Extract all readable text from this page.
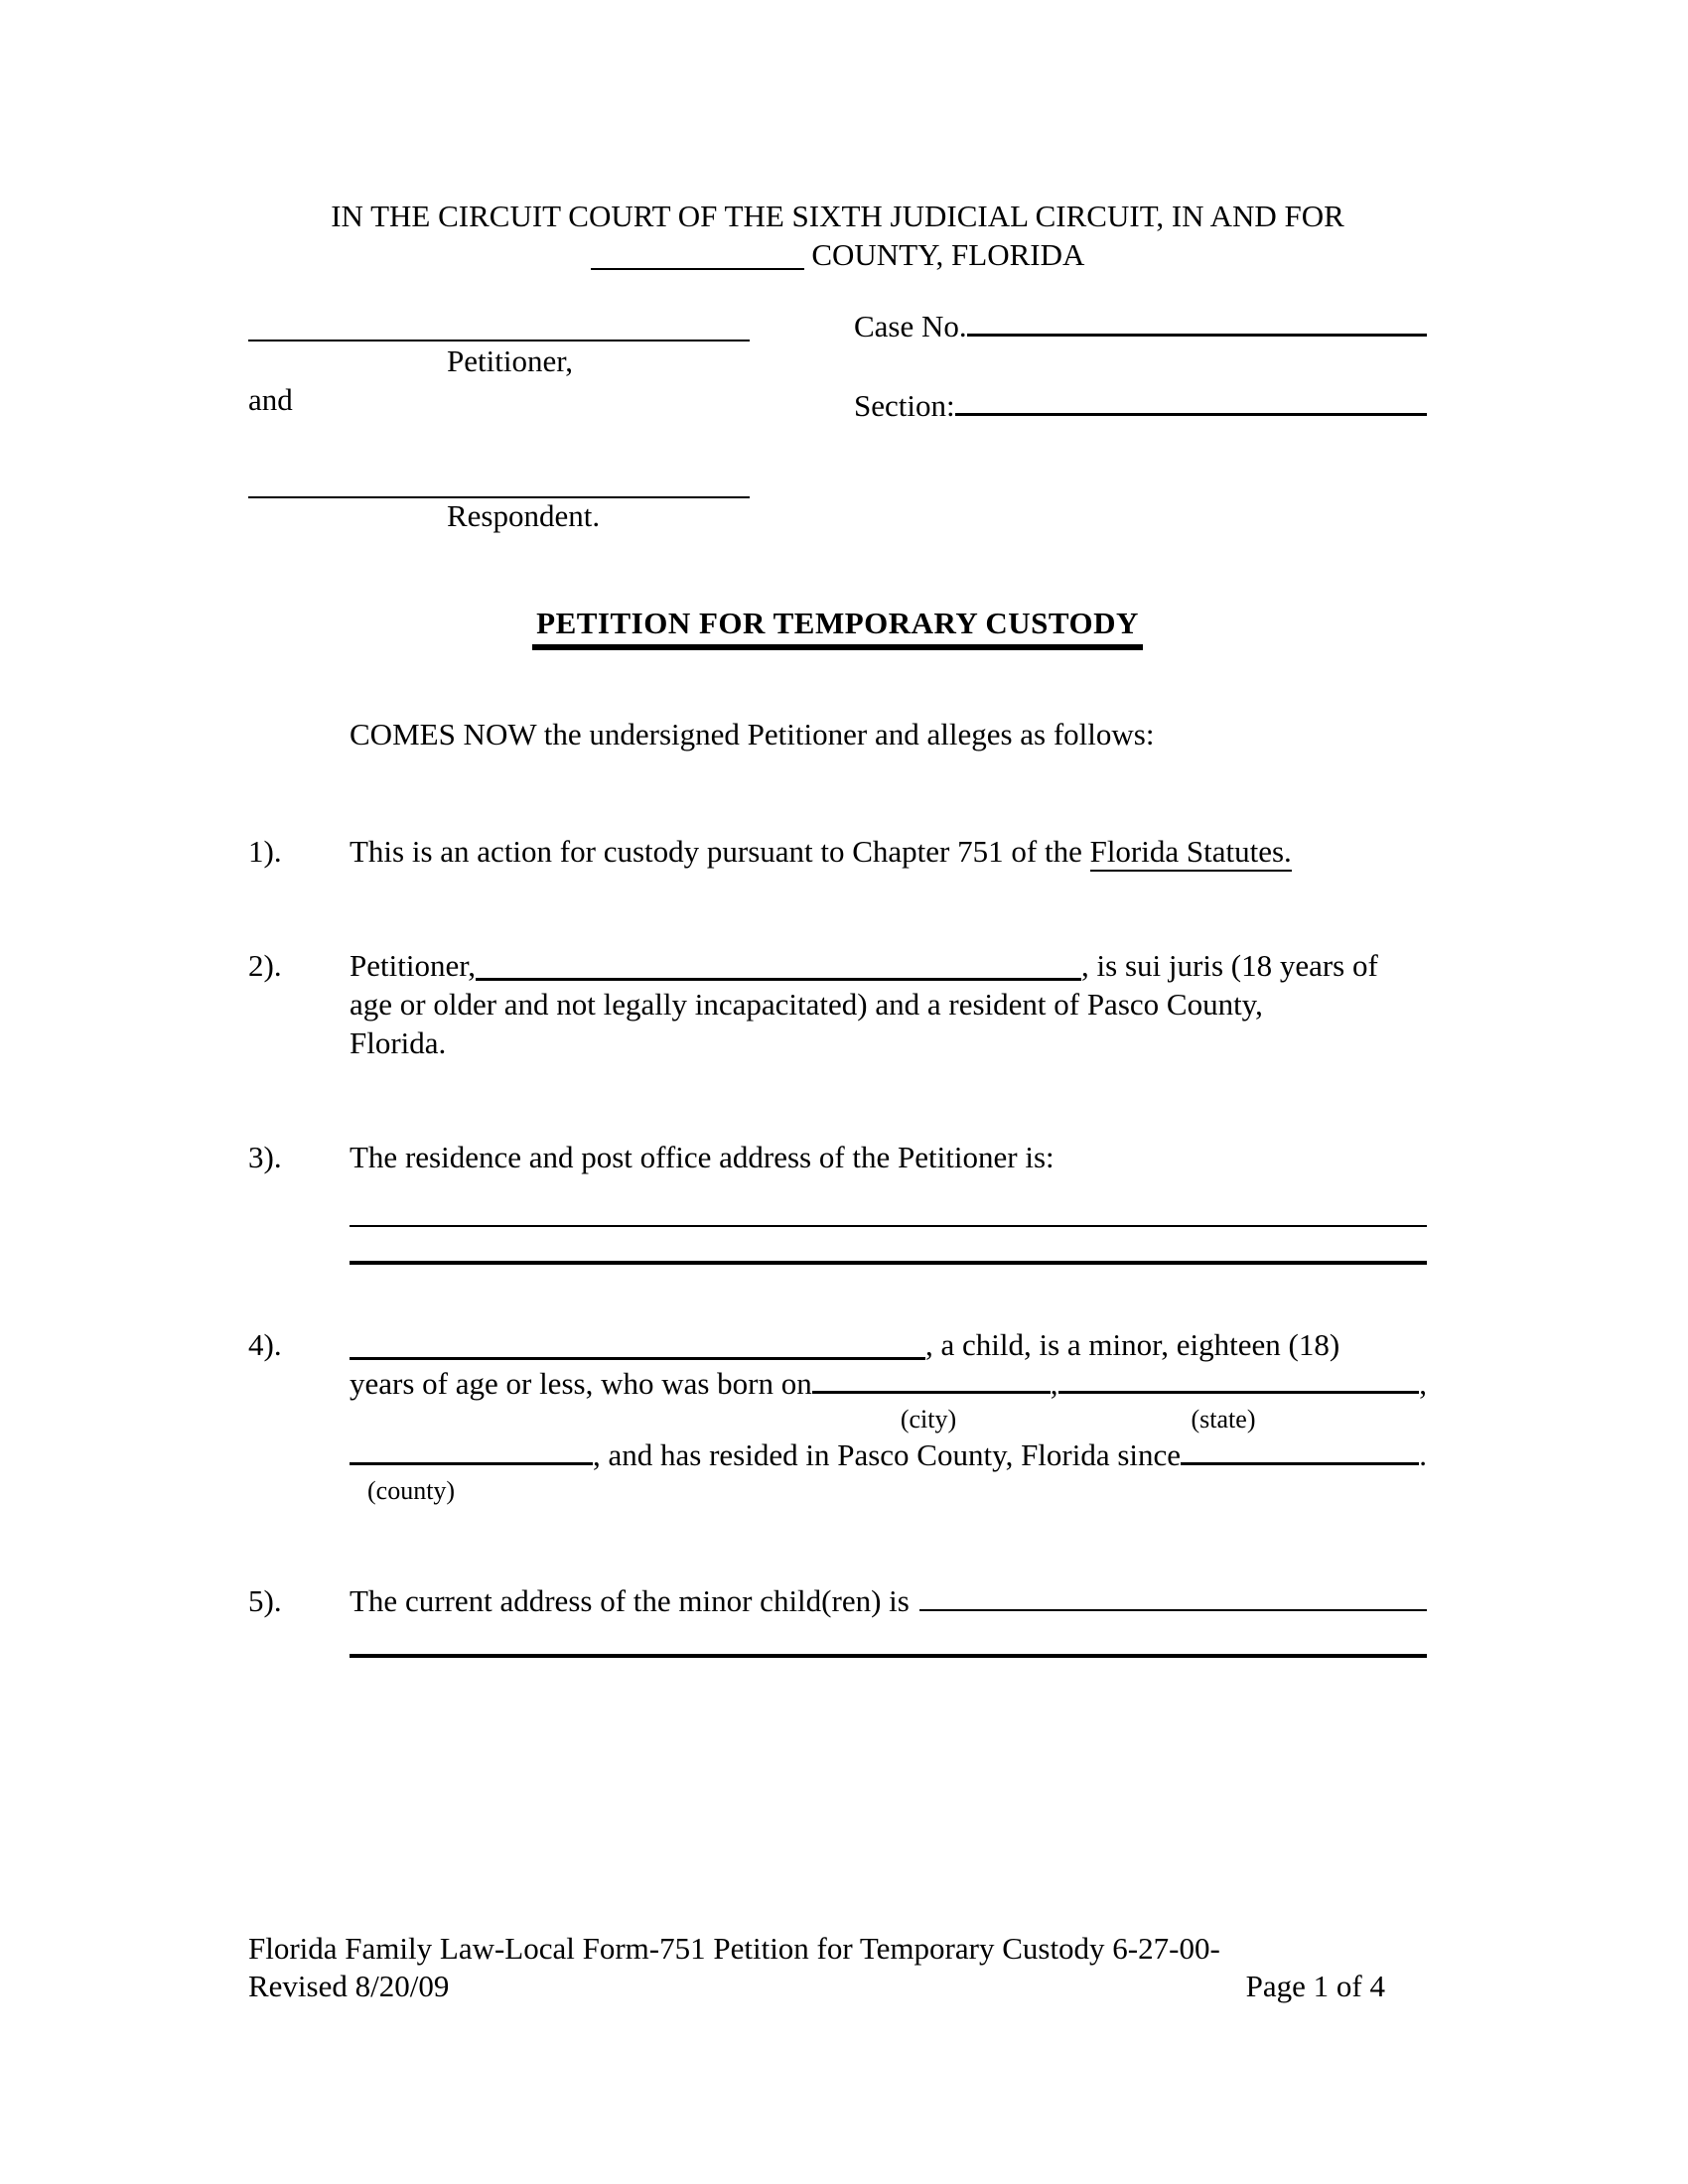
IN THE CIRCUIT COURT OF THE SIXTH JUDICIAL CIRCUIT, IN AND FOR
COUNTY, FLORIDA
Case No.
Petitioner,
and	Section:
Respondent.
PETITION FOR TEMPORARY CUSTODY
COMES NOW the undersigned Petitioner and alleges as follows:
1). This is an action for custody pursuant to Chapter 751 of the Florida Statutes.
2). Petitioner,	, is sui juris (18 years of
age or older and not legally incapacitated) and a resident of Pasco County,
Florida.
3). The residence and post office address of the Petitioner is:
4).	, a child, is a minor, eighteen (18)
years of age or less, who was born on	,	,
(city)	(state)
, and has resided in Pasco County, Florida since	.
(county)
5). The current address of the minor child(ren) is
Florida Family Law-Local Form-751 Petition for Temporary Custody 6-27-00-
Revised 8/20/09	Page 1 of 4
